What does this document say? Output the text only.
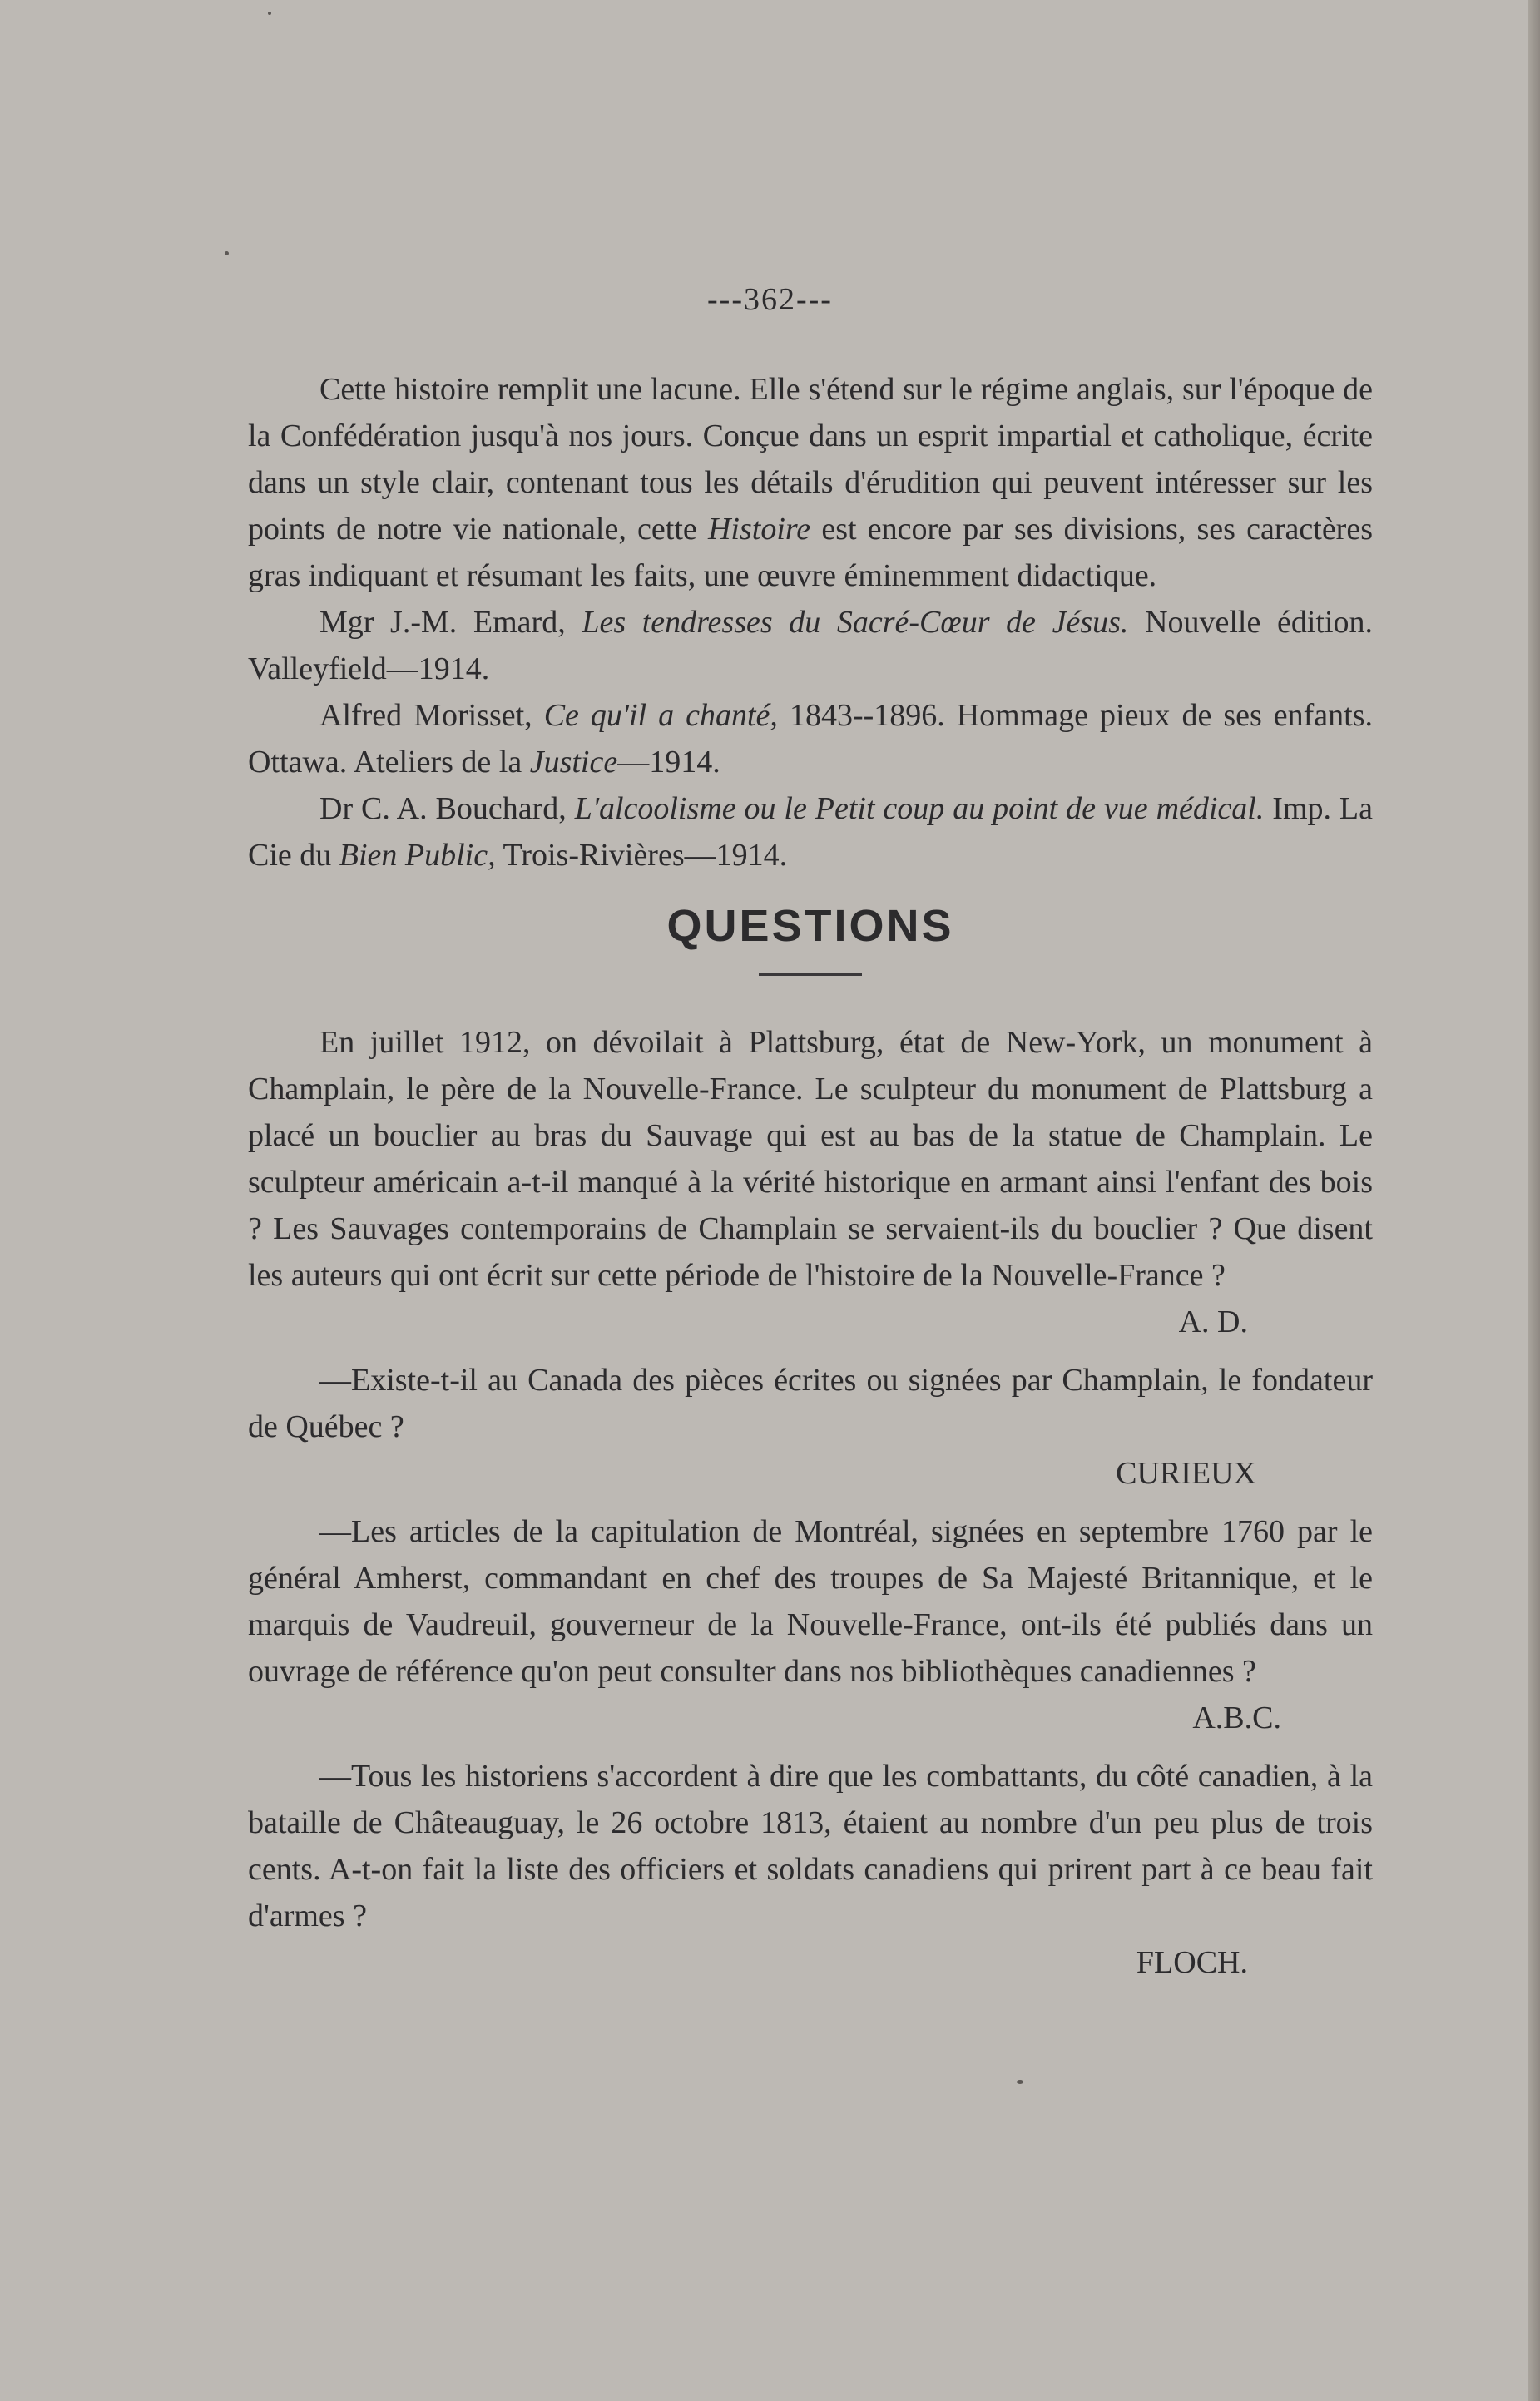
---362---

Cette histoire remplit une lacune. Elle s'étend sur le régime anglais, sur l'époque de la Confédération jusqu'à nos jours. Conçue dans un esprit impartial et catholique, écrite dans un style clair, contenant tous les détails d'érudition qui peuvent intéresser sur les points de notre vie nationale, cette Histoire est encore par ses divisions, ses caractères gras indiquant et résumant les faits, une œuvre éminemment didactique.

Mgr J.-M. Emard, Les tendresses du Sacré-Cœur de Jésus. Nouvelle édition. Valleyfield—1914.

Alfred Morisset, Ce qu'il a chanté, 1843--1896. Hommage pieux de ses enfants. Ottawa. Ateliers de la Justice—1914.

Dr C. A. Bouchard, L'alcoolisme ou le Petit coup au point de vue médical. Imp. La Cie du Bien Public, Trois-Rivières—1914.

QUESTIONS

En juillet 1912, on dévoilait à Plattsburg, état de New-York, un monument à Champlain, le père de la Nouvelle-France. Le sculpteur du monument de Plattsburg a placé un bouclier au bras du Sauvage qui est au bas de la statue de Champlain. Le sculpteur américain a-t-il manqué à la vérité historique en armant ainsi l'enfant des bois ? Les Sauvages contemporains de Champlain se servaient-ils du bouclier ? Que disent les auteurs qui ont écrit sur cette période de l'histoire de la Nouvelle-France ?

A. D.

—Existe-t-il au Canada des pièces écrites ou signées par Champlain, le fondateur de Québec ?

CURIEUX

—Les articles de la capitulation de Montréal, signées en septembre 1760 par le général Amherst, commandant en chef des troupes de Sa Majesté Britannique, et le marquis de Vaudreuil, gouverneur de la Nouvelle-France, ont-ils été publiés dans un ouvrage de référence qu'on peut consulter dans nos bibliothèques canadiennes ?

A.B.C.

—Tous les historiens s'accordent à dire que les combattants, du côté canadien, à la bataille de Châteauguay, le 26 octobre 1813, étaient au nombre d'un peu plus de trois cents. A-t-on fait la liste des officiers et soldats canadiens qui prirent part à ce beau fait d'armes ?

FLOCH.
